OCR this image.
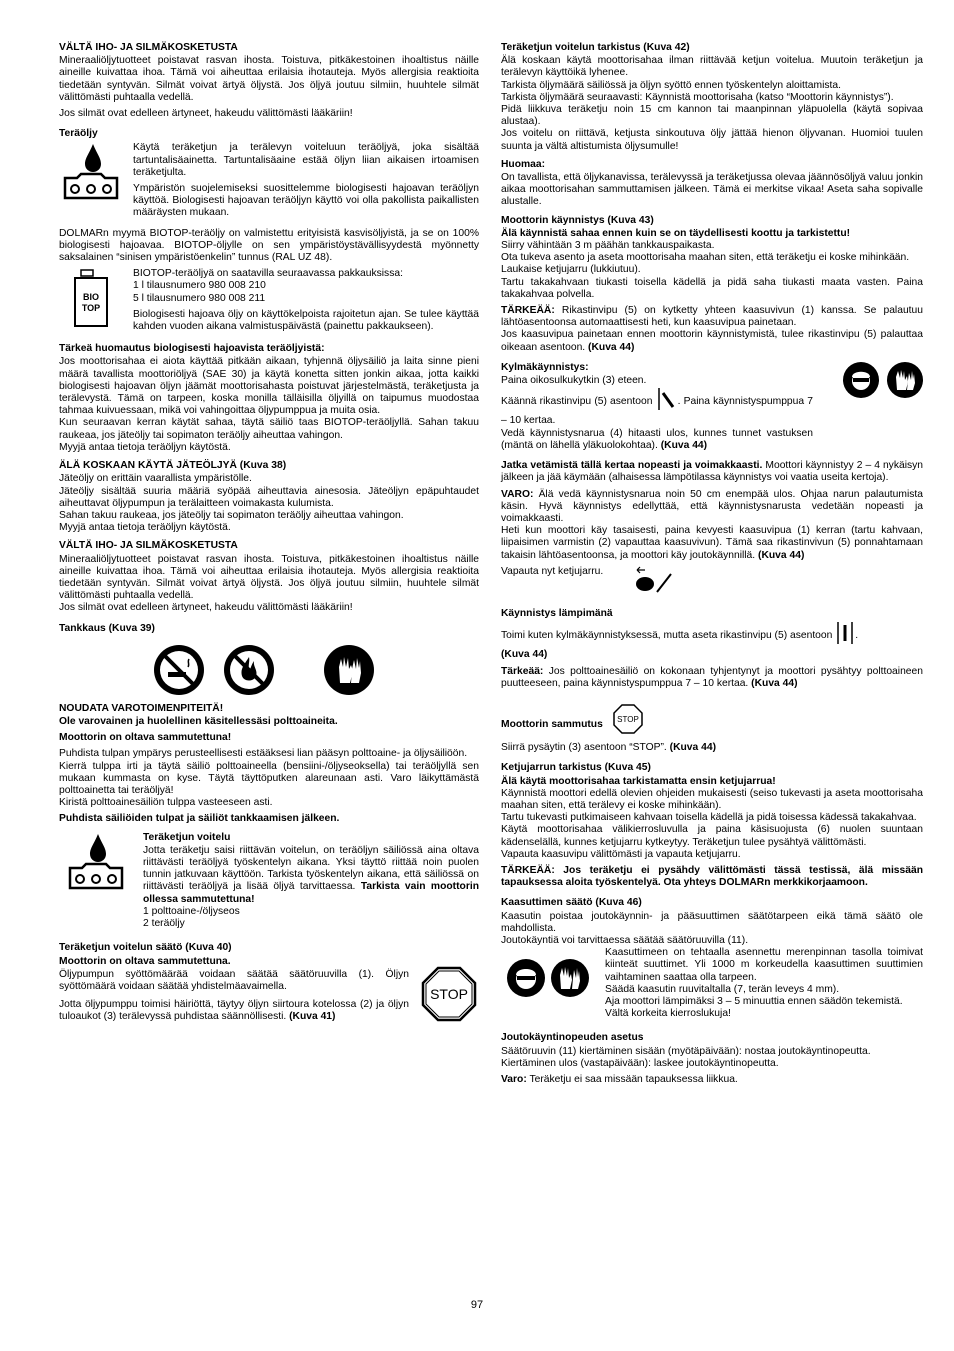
VÄLTÄ IHO- JA SILMÄKOSKETUSTA

Mineraaliöljytuotteet poistavat rasvan ihosta. Toistuva, pitkäkestoinen ihoaltistus näille aineille kuivattaa ihoa. Tämä voi aiheuttaa erilaisia ihotauteja. Myös allergisia reaktioita tiedetään syntyvän. Silmät voivat ärtyä öljystä. Jos öljyä joutuu silmiin, huuhtele silmät välittömästi puhtaalla vedellä.

Jos silmät ovat edelleen ärtyneet, hakeudu välittömästi lääkäriin!

Teräöljy

Käytä teräketjun ja terälevyn voiteluun teräöljyä, joka sisältää tartuntalisäainetta. Tartuntalisäaine estää öljyn liian aikaisen irtoamisen teräketjulta.

Ympäristön suojelemiseksi suosittelemme biologisesti hajoavan teräöljyn käyttöä. Biologisesti hajoavan teräöljyn käyttö voi olla pakollista paikallisten määräysten mukaan.

DOLMARn myymä BIOTOP-teräöljy on valmistettu erityisistä kasvisöljyistä, ja se on 100% biologisesti hajoavaa. BIOTOP-öljylle on sen ympäristöystävällisyydestä myönnetty saksalainen “sinisen ympäristöenkelin” tunnus (RAL UZ 48).

BIO
TOP

BIOTOP-teräöljyä on saatavilla seuraavassa pakkauksissa:

1 l tilausnumero 980 008 210

5 l tilausnumero 980 008 211

Biologisesti hajoava öljy on käyttökelpoista rajoitetun ajan. Se tulee käyttää kahden vuoden aikana valmistuspäivästä (painettu pakkaukseen).

Tärkeä huomautus biologisesti hajoavista teräöljyistä:

Jos moottorisahaa ei aiota käyttää pitkään aikaan, tyhjennä öljysäiliö ja laita sinne pieni määrä tavallista moottoriöljyä (SAE 30) ja käytä konetta sitten jonkin aikaa, jotta kaikki biologisesti hajoavan öljyn jäämät moottorisahasta poistuvat järjestelmästä, teräketjusta ja terälevystä. Tämä on tarpeen, koska monilla tälläisilla öljyillä on taipumus muodostaa tahmaa kuivuessaan, mikä voi vahingoittaa öljypumppua ja muita osia.

Kun seuraavan kerran käytät sahaa, täytä säiliö taas BIOTOP-teräöljyllä. Sahan takuu raukeaa, jos jäteöljy tai sopimaton teräöljy aiheuttaa vahingon.

Myyjä antaa tietoja teräöljyn käytöstä.

ÄLÄ KOSKAAN KÄYTÄ JÄTEÖLJYÄ (Kuva 38)

Jäteöljy on erittäin vaarallista ympäristölle.

Jäteöljy sisältää suuria määriä syöpää aiheuttavia ainesosia. Jäteöljyn epäpuhtaudet aiheuttavat öljypumpun ja terälaitteen voimakasta kulumista.

Sahan takuu raukeaa, jos jäteöljy tai sopimaton teräöljy aiheuttaa vahingon.

Myyjä antaa tietoja teräöljyn käytöstä.

VÄLTÄ IHO- JA SILMÄKOSKETUSTA

Mineraaliöljytuotteet poistavat rasvan ihosta. Toistuva, pitkäkestoinen ihoaltistus näille aineille kuivattaa ihoa. Tämä voi aiheuttaa erilaisia ihotauteja. Myös allergisia reaktioita tiedetään syntyvän. Silmät voivat ärtyä öljystä. Jos öljyä joutuu silmiin, huuhtele silmät välittömästi puhtaalla vedellä.

Jos silmät ovat edelleen ärtyneet, hakeudu välittömästi lääkäriin!

Tankkaus (Kuva 39)
NOUDATA VAROTOIMENPITEITÄ!

Ole varovainen ja huolellinen käsitellessäsi polttoaineita.

Moottorin on oltava sammutettuna!

Puhdista tulpan ympärys perusteellisesti estääksesi lian pääsyn polttoaine- ja öljysäiliöön.

Kierrä tulppa irti ja täytä säiliö polttoaineella (bensiini-/öljyseoksella) tai teräöljyllä sen mukaan kummasta on kyse. Täytä täyttöputken alareunaan asti. Varo läikyttämästä polttoainetta tai teräöljyä!

Kiristä polttoainesäiliön tulppa vasteeseen asti.

Puhdista säiliöiden tulpat ja säiliöt tankkaamisen jälkeen.

Teräketjun voitelu

Jotta teräketju saisi riittävän voitelun, on teräöljyn säiliössä aina oltava riittävästi teräöljyä työskentelyn aikana. Yksi täyttö riittää noin puolen tunnin jatkuvaan käyttöön. Tarkista työskentelyn aikana, että säiliössä on riittävästi teräöljyä ja lisää öljyä tarvittaessa. Tarkista vain moottorin ollessa sammutettuna!

1 polttoaine-/öljyseos

2 teräöljy

Teräketjun voitelun säätö (Kuva 40)

Moottorin on oltava sammutettuna.

Öljypumpun syöttömäärää voidaan säätää säätöruuvilla (1). Öljyn syöttömäärä voidaan säätää yhdistelmäavaimella.

Jotta öljypumppu toimisi häiriöttä, täytyy öljyn siirtoura kotelossa (2) ja öljyn tuloaukot (3) terälevyssä puhdistaa säännöllisesti. (Kuva 41)

STOP
Teräketjun voitelun tarkistus (Kuva 42)

Älä koskaan käytä moottorisahaa ilman riittävää ketjun voitelua. Muutoin teräketjun ja terälevyn käyttöikä lyhenee.

Tarkista öljymäärä säiliössä ja öljyn syöttö ennen työskentelyn aloittamista.

Tarkista öljymäärä seuraavasti: Käynnistä moottorisaha (katso “Moottorin käynnistys”).

Pidä liikkuva teräketju noin 15 cm kannon tai maanpinnan yläpuolella (käytä sopivaa alustaa).

Jos voitelu on riittävä, ketjusta sinkoutuva öljy jättää hienon öljyvanan. Huomioi tuulen suunta ja vältä altistumista öljysumulle!

Huomaa:

On tavallista, että öljykanavissa, terälevyssä ja teräketjussa olevaa jäännösöljyä valuu jonkin aikaa moottorisahan sammuttamisen jälkeen. Tämä ei merkitse vikaa! Aseta saha sopivalle alustalle.

Moottorin käynnistys (Kuva 43)

Älä käynnistä sahaa ennen kuin se on täydellisesti koottu ja tarkistettu!

Siirry vähintään 3 m päähän tankkauspaikasta.

Ota tukeva asento ja aseta moottorisaha maahan siten, että teräketju ei koske mihinkään.

Laukaise ketjujarru (lukkiutuu).

Tartu takakahvaan tiukasti toisella kädellä ja pidä saha tiukasti maata vasten. Paina takakahvaa polvella.

TÄRKEÄÄ: Rikastinvipu (5) on kytketty yhteen kaasuvivun (1) kanssa. Se palautuu lähtöasentoonsa automaattisesti heti, kun kaasuvipua painetaan.

Jos kaasuvipua painetaan ennen moottorin käynnistymistä, tulee rikastinvipu (5) palauttaa oikeaan asentoon. (Kuva 44)

Kylmäkäynnistys:

Paina oikosulkukytkin (3) eteen.

Käännä rikastinvipu (5) asentoon . Paina käynnistyspumppua 7 – 10 kertaa.

Vedä käynnistysnarua (4) hitaasti ulos, kunnes tunnet vastuksen (mäntä on lähellä yläkuolokohtaa). (Kuva 44)

Jatka vetämistä tällä kertaa nopeasti ja voimakkaasti. Moottori käynnistyy 2 – 4 nykäisyn jälkeen ja jää käymään (alhaisessa lämpötilassa käynnistys voi vaatia useita kertoja).

VARO: Älä vedä käynnistysnarua noin 50 cm enempää ulos. Ohjaa narun palautumista käsin. Hyvä käynnistys edellyttää, että käynnistysnarusta vedetään nopeasti ja voimakkaasti.

Heti kun moottori käy tasaisesti, paina kevyesti kaasuvipua (1) kerran (tartu kahvaan, liipaisimen varmistin (2) vapauttaa kaasuvivun). Tämä saa rikastinvivun (5) ponnahtamaan takaisin lähtöasentoonsa, ja moottori käy joutokäynnillä. (Kuva 44)

Vapauta nyt ketjujarru.

Käynnistys lämpimänä

Toimi kuten kylmäkäynnistyksessä, mutta aseta rikastinvipu (5) asentoon .

(Kuva 44)

Tärkeää: Jos polttoainesäiliö on kokonaan tyhjentynyt ja moottori pysähtyy polttoaineen puutteeseen, paina käynnistyspumppua 7 – 10 kertaa. (Kuva 44)

Moottorin sammutus STOP

Siirrä pysäytin (3) asentoon “STOP”. (Kuva 44)

Ketjujarrun tarkistus (Kuva 45)

Älä käytä moottorisahaa tarkistamatta ensin ketjujarrua!

Käynnistä moottori edellä olevien ohjeiden mukaisesti (seiso tukevasti ja aseta moottorisaha maahan siten, että terälevy ei koske mihinkään).

Tartu tukevasti putkimaiseen kahvaan toisella kädellä ja pidä toisessa kädessä takakahvaa.

Käytä moottorisahaa välikierrosluvulla ja paina käsisuojusta (6) nuolen suuntaan kädenselällä, kunnes ketjujarru kytkeytyy. Teräketjun tulee pysähtyä välittömästi.

Vapauta kaasuvipu välittömästi ja vapauta ketjujarru.

TÄRKEÄÄ: Jos teräketju ei pysähdy välittömästi tässä testissä, älä missään tapauksessa aloita työskentelyä. Ota yhteys DOLMARn merkkikorjaamoon.

Kaasuttimen säätö (Kuva 46)

Kaasutin poistaa joutokäynnin- ja pääsuuttimen säätötarpeen eikä tämä säätö ole mahdollista.

Joutokäyntiä voi tarvittaessa säätää säätöruuvilla (11).

Kaasuttimeen on tehtaalla asennettu merenpinnan tasolla toimivat kiinteät suuttimet. Yli 1000 m korkeudella kaasuttimen suuttimien vaihtaminen saattaa olla tarpeen.

Säädä kaasutin ruuvitaltalla (7, terän leveys 4 mm).

Aja moottori lämpimäksi 3 – 5 minuuttia ennen säädön tekemistä.

Vältä korkeita kierroslukuja!

Joutokäyntinopeuden asetus

Säätöruuvin (11) kiertäminen sisään (myötäpäivään): nostaa joutokäyntinopeutta.

Kiertäminen ulos (vastapäivään): laskee joutokäyntinopeutta.

Varo: Teräketju ei saa missään tapauksessa liikkua.

97
